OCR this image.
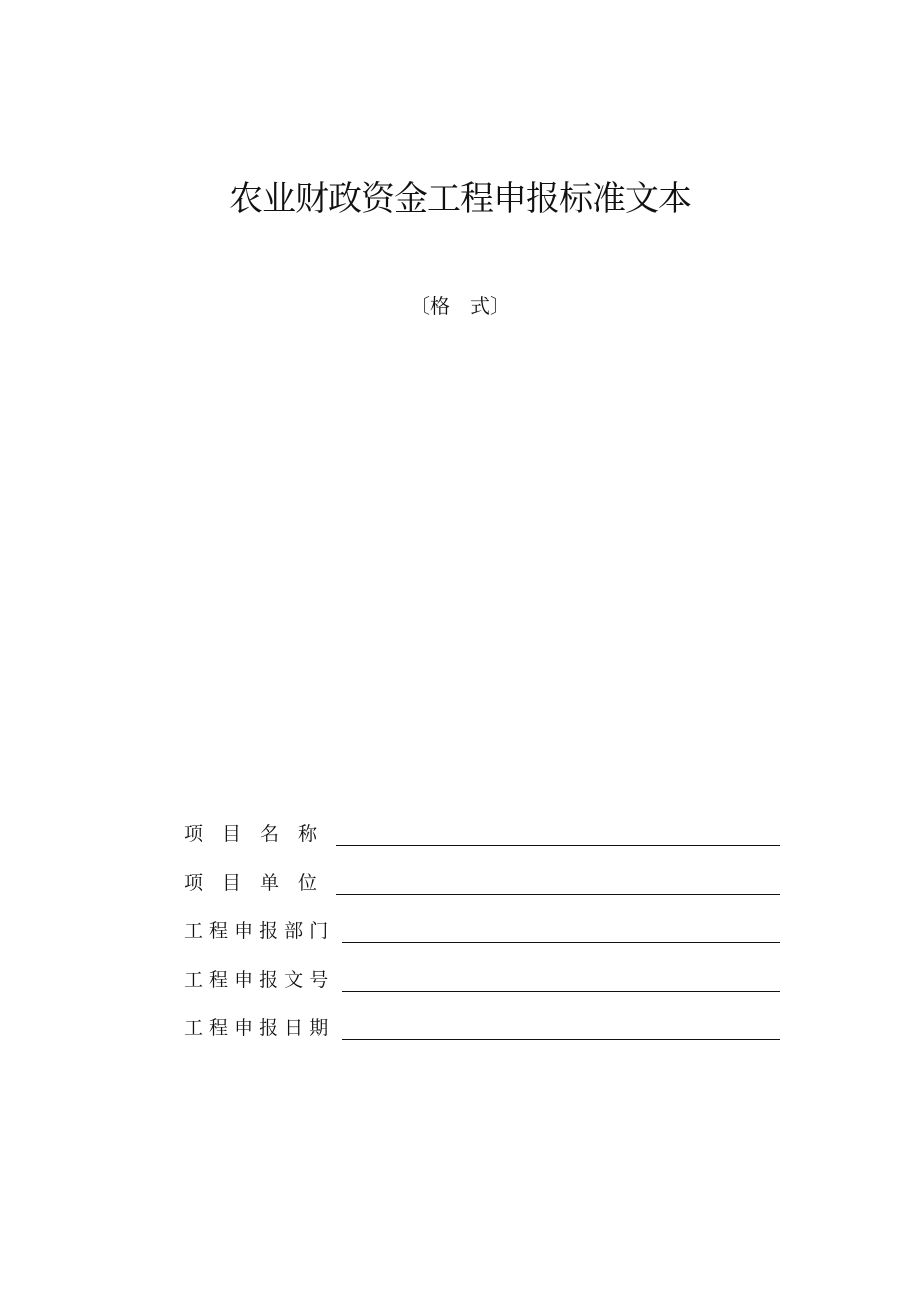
农业财政资金工程申报标准文本
〔格　式〕
项　目　名　称
项　目　单　位
工 程 申 报 部 门
工 程 申 报 文 号
工 程 申 报 日 期
